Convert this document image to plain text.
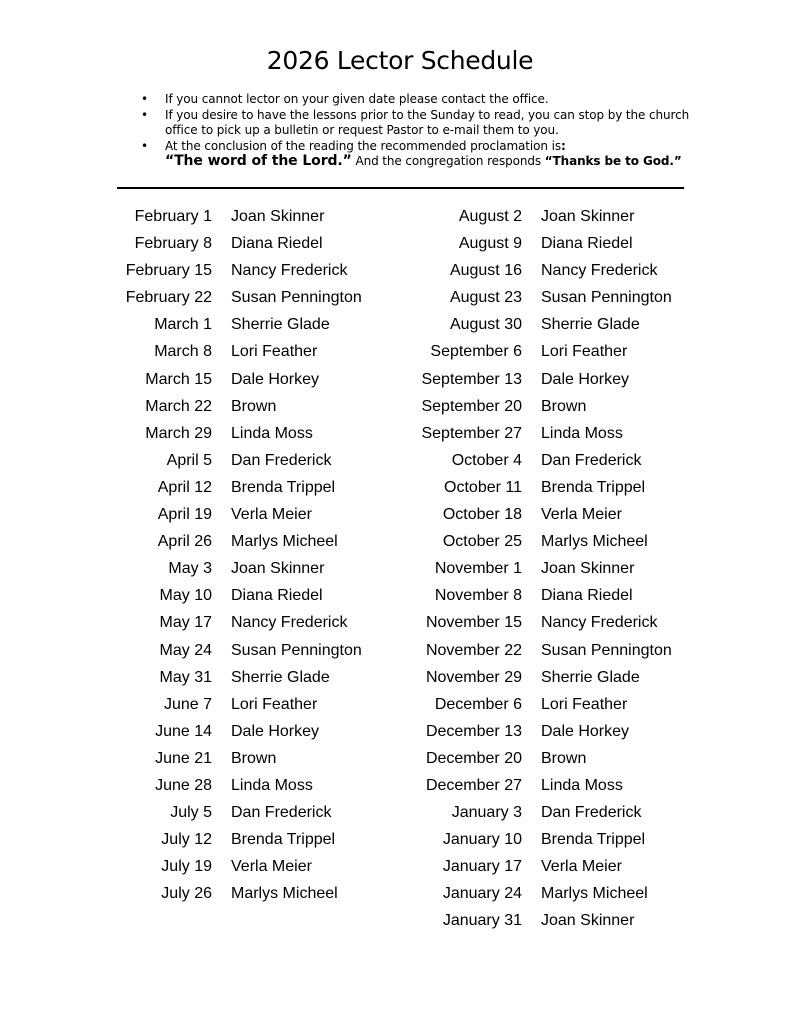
2026 Lector Schedule
• If you cannot lector on your given date please contact the office.
• If you desire to have the lessons prior to the Sunday to read, you can stop by the church office to pick up a bulletin or request Pastor to e-mail them to you.
• At the conclusion of the reading the recommended proclamation is:
“The word of the Lord.” And the congregation responds “Thanks be to God.”
February 1 Joan Skinner
February 8 Diana Riedel
February 15 Nancy Frederick
February 22 Susan Pennington
March 1 Sherrie Glade
March 8 Lori Feather
March 15 Dale Horkey
March 22 Brown
March 29 Linda Moss
April 5 Dan Frederick
April 12 Brenda Trippel
April 19 Verla Meier
April 26 Marlys Micheel
May 3 Joan Skinner
May 10 Diana Riedel
May 17 Nancy Frederick
May 24 Susan Pennington
May 31 Sherrie Glade
June 7 Lori Feather
June 14 Dale Horkey
June 21 Brown
June 28 Linda Moss
July 5 Dan Frederick
July 12 Brenda Trippel
July 19 Verla Meier
July 26 Marlys Micheel
August 2 Joan Skinner
August 9 Diana Riedel
August 16 Nancy Frederick
August 23 Susan Pennington
August 30 Sherrie Glade
September 6 Lori Feather
September 13 Dale Horkey
September 20 Brown
September 27 Linda Moss
October 4 Dan Frederick
October 11 Brenda Trippel
October 18 Verla Meier
October 25 Marlys Micheel
November 1 Joan Skinner
November 8 Diana Riedel
November 15 Nancy Frederick
November 22 Susan Pennington
November 29 Sherrie Glade
December 6 Lori Feather
December 13 Dale Horkey
December 20 Brown
December 27 Linda Moss
January 3 Dan Frederick
January 10 Brenda Trippel
January 17 Verla Meier
January 24 Marlys Micheel
January 31 Joan Skinner
